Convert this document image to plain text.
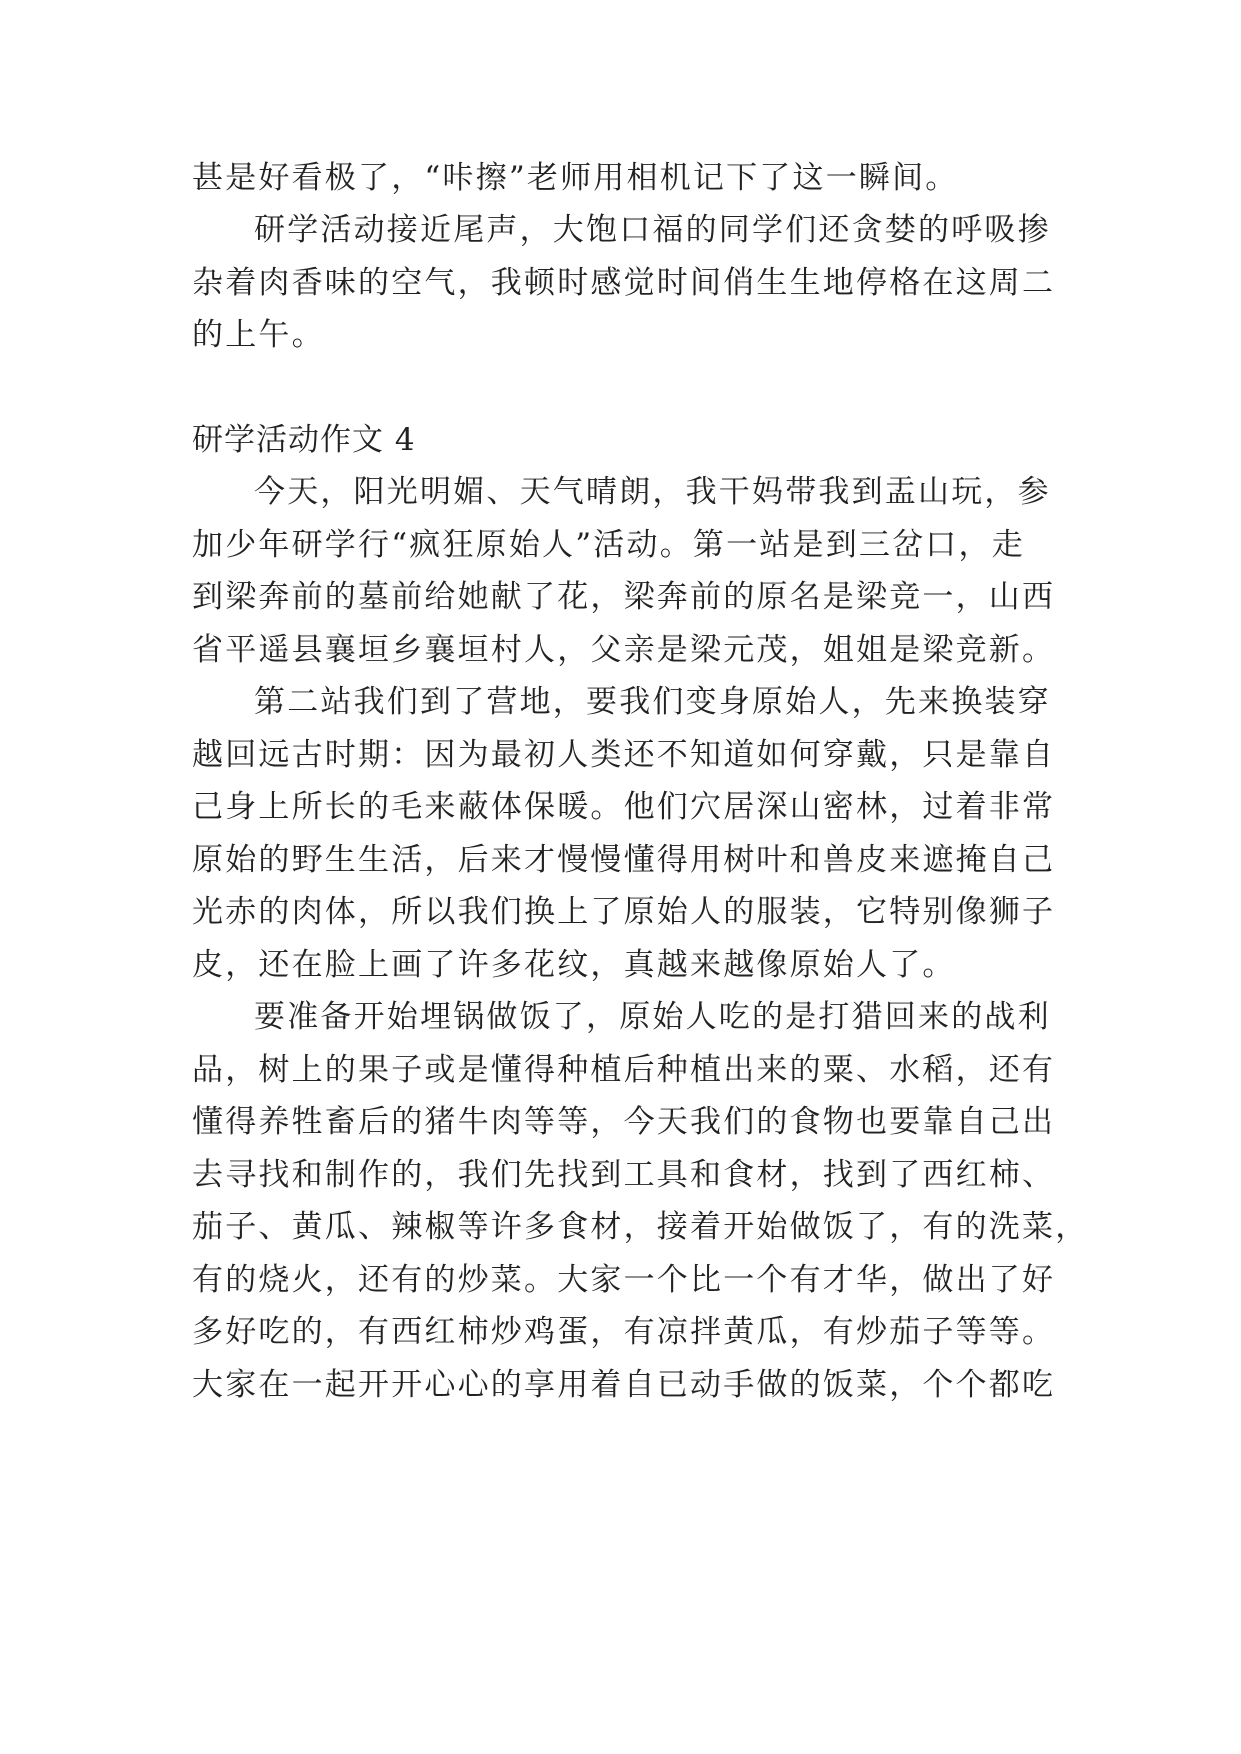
甚是好看极了，“咔擦”老师用相机记下了这一瞬间。
研学活动接近尾声，大饱口福的同学们还贪婪的呼吸掺
杂着肉香味的空气，我顿时感觉时间俏生生地停格在这周二
的上午。
研学活动作文 4
今天，阳光明媚、天气晴朗，我干妈带我到盂山玩，参
加少年研学行“疯狂原始人”活动。第一站是到三岔口，走
到梁奔前的墓前给她献了花，梁奔前的原名是梁竞一，山西
省平遥县襄垣乡襄垣村人，父亲是梁元茂，姐姐是梁竞新。
第二站我们到了营地，要我们变身原始人，先来换装穿
越回远古时期：因为最初人类还不知道如何穿戴，只是靠自
己身上所长的毛来蔽体保暖。他们穴居深山密林，过着非常
原始的野生生活，后来才慢慢懂得用树叶和兽皮来遮掩自己
光赤的肉体，所以我们换上了原始人的服装，它特别像狮子
皮，还在脸上画了许多花纹，真越来越像原始人了。
要准备开始埋锅做饭了，原始人吃的是打猎回来的战利
品，树上的果子或是懂得种植后种植出来的粟、水稻，还有
懂得养牲畜后的猪牛肉等等，今天我们的食物也要靠自己出
去寻找和制作的，我们先找到工具和食材，找到了西红柿、
茄子、黄瓜、辣椒等许多食材，接着开始做饭了，有的洗菜，
有的烧火，还有的炒菜。大家一个比一个有才华，做出了好
多好吃的，有西红柿炒鸡蛋，有凉拌黄瓜，有炒茄子等等。
大家在一起开开心心的享用着自已动手做的饭菜，个个都吃
